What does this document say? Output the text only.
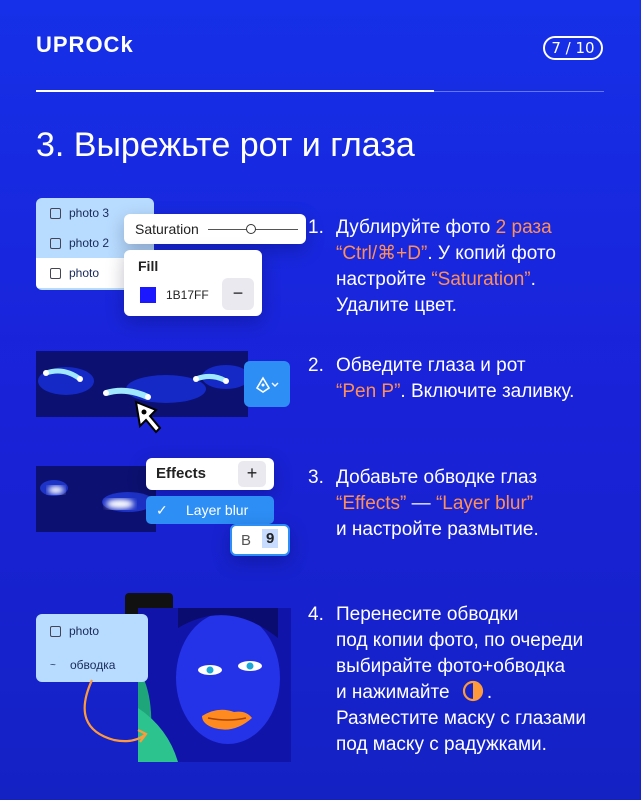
UPROCk	7 / 10
3. Вырежьте рот и глаза
photo 3
photo 2
photo
Saturation
Fill
1B17FF	−
1. Дублируйте фото 2 раза
“Ctrl/⌘+D”. У копий фото
настройте “Saturation”.
Удалите цвет.
2. Обведите глаза и рот
“Pen P”. Включите заливку.
Effects	+
✓	Layer blur
B 9
3. Добавьте обводке глаз
“Effects” — “Layer blur”
и настройте размытие.
photo
~	обводка
4. Перенесите обводки
под копии фото, по очереди
выбирайте фото+обводка
и нажимайте .
Разместите маску с глазами
под маску с радужками.
